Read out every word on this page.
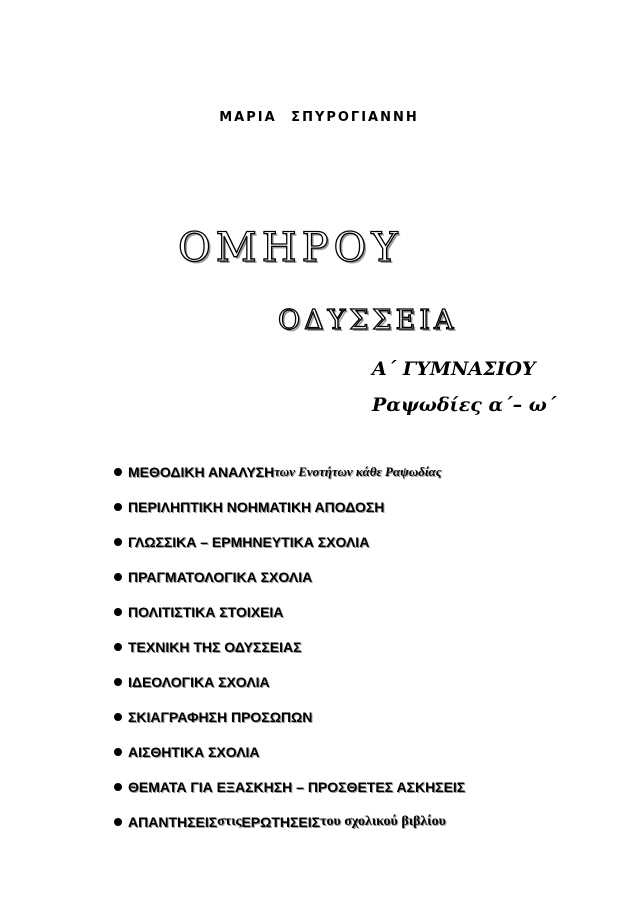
ΜΑΡΙΑ ΣΠΥΡΟΓΙΑΝΝΗ
ΟΜΗΡΟΥ
ΟΔΥΣΣΕΙΑ
Α΄ ΓΥΜΝΑΣΙΟΥ
Ραψωδίες α΄– ω΄
ΜΕΘΟΔΙΚΗ ΑΝΑΛΥΣΗ των Ενοτήτων κάθε Ραψωδίας
ΠΕΡΙΛΗΠΤΙΚΗ ΝΟΗΜΑΤΙΚΗ ΑΠΟΔΟΣΗ
ΓΛΩΣΣΙΚΑ – ΕΡΜΗΝΕΥΤΙΚΑ ΣΧΟΛΙΑ
ΠΡΑΓΜΑΤΟΛΟΓΙΚΑ ΣΧΟΛΙΑ
ΠΟΛΙΤΙΣΤΙΚΑ ΣΤΟΙΧΕΙΑ
ΤΕΧΝΙΚΗ ΤΗΣ ΟΔΥΣΣΕΙΑΣ
ΙΔΕΟΛΟΓΙΚΑ ΣΧΟΛΙΑ
ΣΚΙΑΓΡΑΦΗΣΗ ΠΡΟΣΩΠΩΝ
ΑΙΣΘΗΤΙΚΑ ΣΧΟΛΙΑ
ΘΕΜΑΤΑ ΓΙΑ ΕΞΑΣΚΗΣΗ – ΠΡΟΣΘΕΤΕΣ ΑΣΚΗΣΕΙΣ
ΑΠΑΝΤΗΣΕΙΣ στις ΕΡΩΤΗΣΕΙΣ του σχολικού βιβλίου
